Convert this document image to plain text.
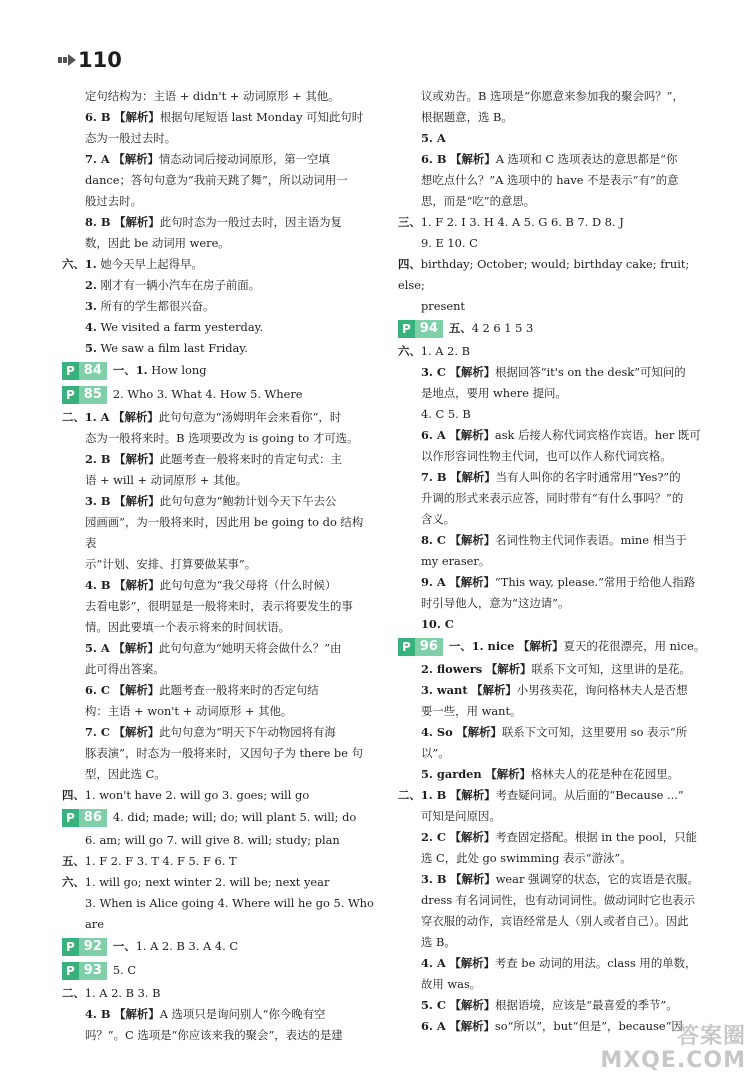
110
定句结构为：主语 + didn't + 动词原形 + 其他。
6. B 【解析】根据句尾短语 last Monday 可知此句时
态为一般过去时。
7. A 【解析】情态动词后接动词原形，第一空填
dance；答句句意为“我前天跳了舞”，所以动词用一
般过去时。
8. B 【解析】此句时态为一般过去时，因主语为复
数，因此 be 动词用 were。
六、1. 她今天早上起得早。
2. 刚才有一辆小汽车在房子前面。
3. 所有的学生都很兴奋。
4. We visited a farm yesterday.
5. We saw a film last Friday.
P 84 一、1. How long
P 85 2. Who 3. What 4. How 5. Where
二、1. A 【解析】此句句意为“汤姆明年会来看你”，时
态为一般将来时。B 选项要改为 is going to 才可选。
2. B 【解析】此题考查一般将来时的肯定句式：主
语 + will + 动词原形 + 其他。
3. B 【解析】此句句意为“鲍勃计划今天下午去公
园画画”，为一般将来时，因此用 be going to do 结构表
示“计划、安排、打算要做某事”。
4. B 【解析】此句句意为“我父母将（什么时候）
去看电影”，很明显是一般将来时，表示将要发生的事
情。因此要填一个表示将来的时间状语。
5. A 【解析】此句句意为“她明天将会做什么？”由
此可得出答案。
6. C 【解析】此题考查一般将来时的否定句结
构：主语 + won't + 动词原形 + 其他。
7. C 【解析】此句句意为“明天下午动物园将有海
豚表演”，时态为一般将来时，又因句子为 there be 句
型，因此选 C。
四、1. won't have 2. will go 3. goes; will go
P 86 4. did; made; will; do; will plant 5. will; do
6. am; will go 7. will give 8. will; study; plan
五、1. F 2. F 3. T 4. F 5. F 6. T
六、1. will go; next winter 2. will be; next year
3. When is Alice going 4. Where will he go 5. Who are
P 92 一、1. A 2. B 3. A 4. C
P 93 5. C
二、1. A 2. B 3. B
4. B 【解析】A 选项只是询问别人“你今晚有空
吗？”。C 选项是“你应该来我的聚会”，表达的是建
议或劝告。B 选项是“你愿意来参加我的聚会吗？”，
根据题意，选 B。
5. A
6. B 【解析】A 选项和 C 选项表达的意思都是“你
想吃点什么？”A 选项中的 have 不是表示“有”的意
思，而是“吃”的意思。
三、1. F 2. I 3. H 4. A 5. G 6. B 7. D 8. J
9. E 10. C
四、birthday; October; would; birthday cake; fruit; else;
present
P 94 五、4 2 6 1 5 3
六、1. A 2. B
3. C 【解析】根据回答“it's on the desk”可知问的
是地点，要用 where 提问。
4. C 5. B
6. A 【解析】ask 后接人称代词宾格作宾语。her 既可
以作形容词性物主代词，也可以作人称代词宾格。
7. B 【解析】当有人叫你的名字时通常用“Yes?”的
升调的形式来表示应答，同时带有“有什么事吗？”的
含义。
8. C 【解析】名词性物主代词作表语。mine 相当于
my eraser。
9. A 【解析】“This way, please.”常用于给他人指路
时引导他人，意为“这边请”。
10. C
P 96 一、1. nice 【解析】夏天的花很漂亮，用 nice。
2. flowers 【解析】联系下文可知，这里讲的是花。
3. want 【解析】小男孩卖花，询问格林夫人是否想
要一些，用 want。
4. So 【解析】联系下文可知，这里要用 so 表示“所
以”。
5. garden 【解析】格林夫人的花是种在花园里。
二、1. B 【解析】考查疑问词。从后面的“Because ...”
可知是问原因。
2. C 【解析】考查固定搭配。根据 in the pool，只能
选 C，此处 go swimming 表示“游泳”。
3. B 【解析】wear 强调穿的状态，它的宾语是衣服。
dress 有名词词性，也有动词词性。做动词时它也表示
穿衣服的动作，宾语经常是人（别人或者自己）。因此
选 B。
4. A 【解析】考查 be 动词的用法。class 用的单数，
故用 was。
5. C 【解析】根据语境，应该是“最喜爱的季节”。
6. A 【解析】so“所以”，but“但是”，because“因
答案圈
MXQE.COM
